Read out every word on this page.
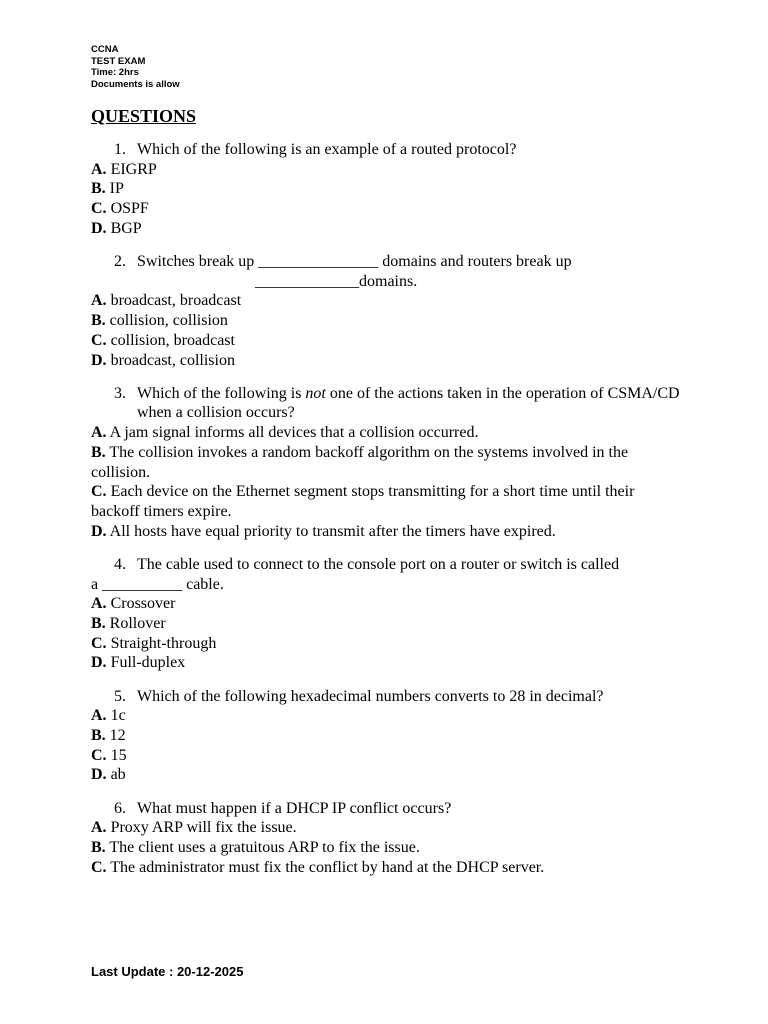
CCNA
TEST EXAM
Time: 2hrs
Documents is allow
QUESTIONS
1. Which of the following is an example of a routed protocol?
A. EIGRP
B. IP
C. OSPF
D. BGP
2. Switches break up _______________ domains and routers break up
_____________domains.
A. broadcast, broadcast
B. collision, collision
C. collision, broadcast
D. broadcast, collision
3. Which of the following is not one of the actions taken in the operation of CSMA/CD when a collision occurs?
A. A jam signal informs all devices that a collision occurred.
B. The collision invokes a random backoff algorithm on the systems involved in the collision.
C. Each device on the Ethernet segment stops transmitting for a short time until their
backoff timers expire.
D. All hosts have equal priority to transmit after the timers have expired.
4. The cable used to connect to the console port on a router or switch is called
a __________ cable.
A. Crossover
B. Rollover
C. Straight-through
D. Full-duplex
5. Which of the following hexadecimal numbers converts to 28 in decimal?
A. 1c
B. 12
C. 15
D. ab
6. What must happen if a DHCP IP conflict occurs?
A. Proxy ARP will fix the issue.
B. The client uses a gratuitous ARP to fix the issue.
C. The administrator must fix the conflict by hand at the DHCP server.
Last Update : 20-12-2025
